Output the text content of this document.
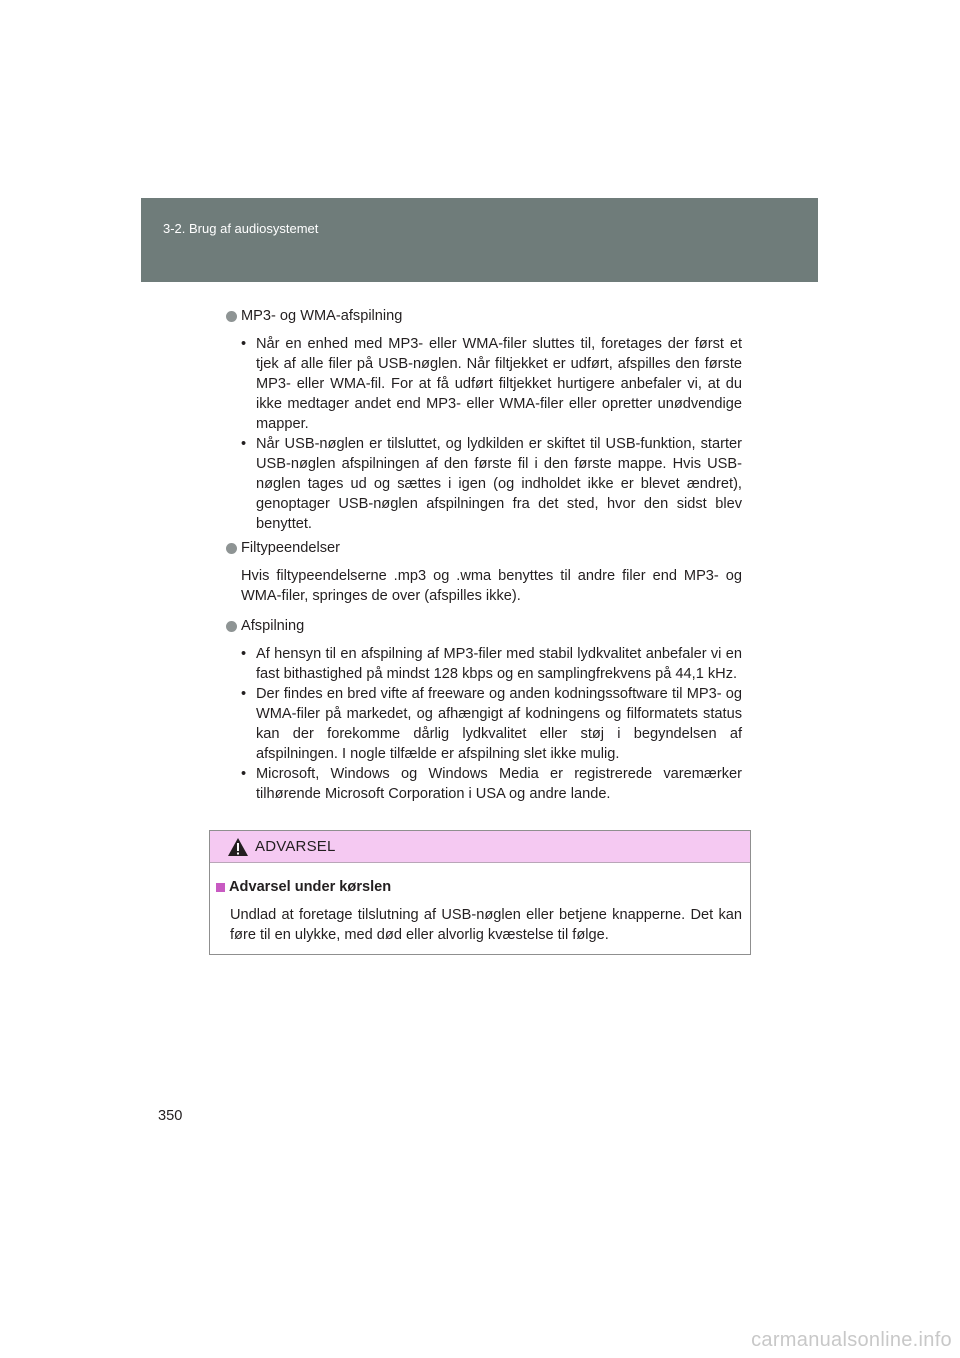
3-2. Brug af audiosystemet
MP3- og WMA-afspilning
• Når en enhed med MP3- eller WMA-filer sluttes til, foretages der først et tjek af alle filer på USB-nøglen. Når filtjekket er udført, afspilles den første MP3- eller WMA-fil. For at få udført filtjekket hurtigere anbefaler vi, at du ikke medtager andet end MP3- eller WMA-filer eller opretter unødvendige mapper.
• Når USB-nøglen er tilsluttet, og lydkilden er skiftet til USB-funktion, starter USB-nøglen afspilningen af den første fil i den første mappe. Hvis USB-nøglen tages ud og sættes i igen (og indholdet ikke er blevet ændret), genoptager USB-nøglen afspilningen fra det sted, hvor den sidst blev benyttet.
Filtypeendelser
Hvis filtypeendelserne .mp3 og .wma benyttes til andre filer end MP3- og WMA-filer, springes de over (afspilles ikke).
Afspilning
• Af hensyn til en afspilning af MP3-filer med stabil lydkvalitet anbefaler vi en fast bithastighed på mindst 128 kbps og en samplingfrekvens på 44,1 kHz.
• Der findes en bred vifte af freeware og anden kodningssoftware til MP3- og WMA-filer på markedet, og afhængigt af kodningens og filformatets status kan der forekomme dårlig lydkvalitet eller støj i begyndelsen af afspilningen. I nogle tilfælde er afspilning slet ikke mulig.
• Microsoft, Windows og Windows Media er registrerede varemærker tilhørende Microsoft Corporation i USA og andre lande.
ADVARSEL
Advarsel under kørslen
Undlad at foretage tilslutning af USB-nøglen eller betjene knapperne. Det kan føre til en ulykke, med død eller alvorlig kvæstelse til følge.
350
carmanualsonline.info
